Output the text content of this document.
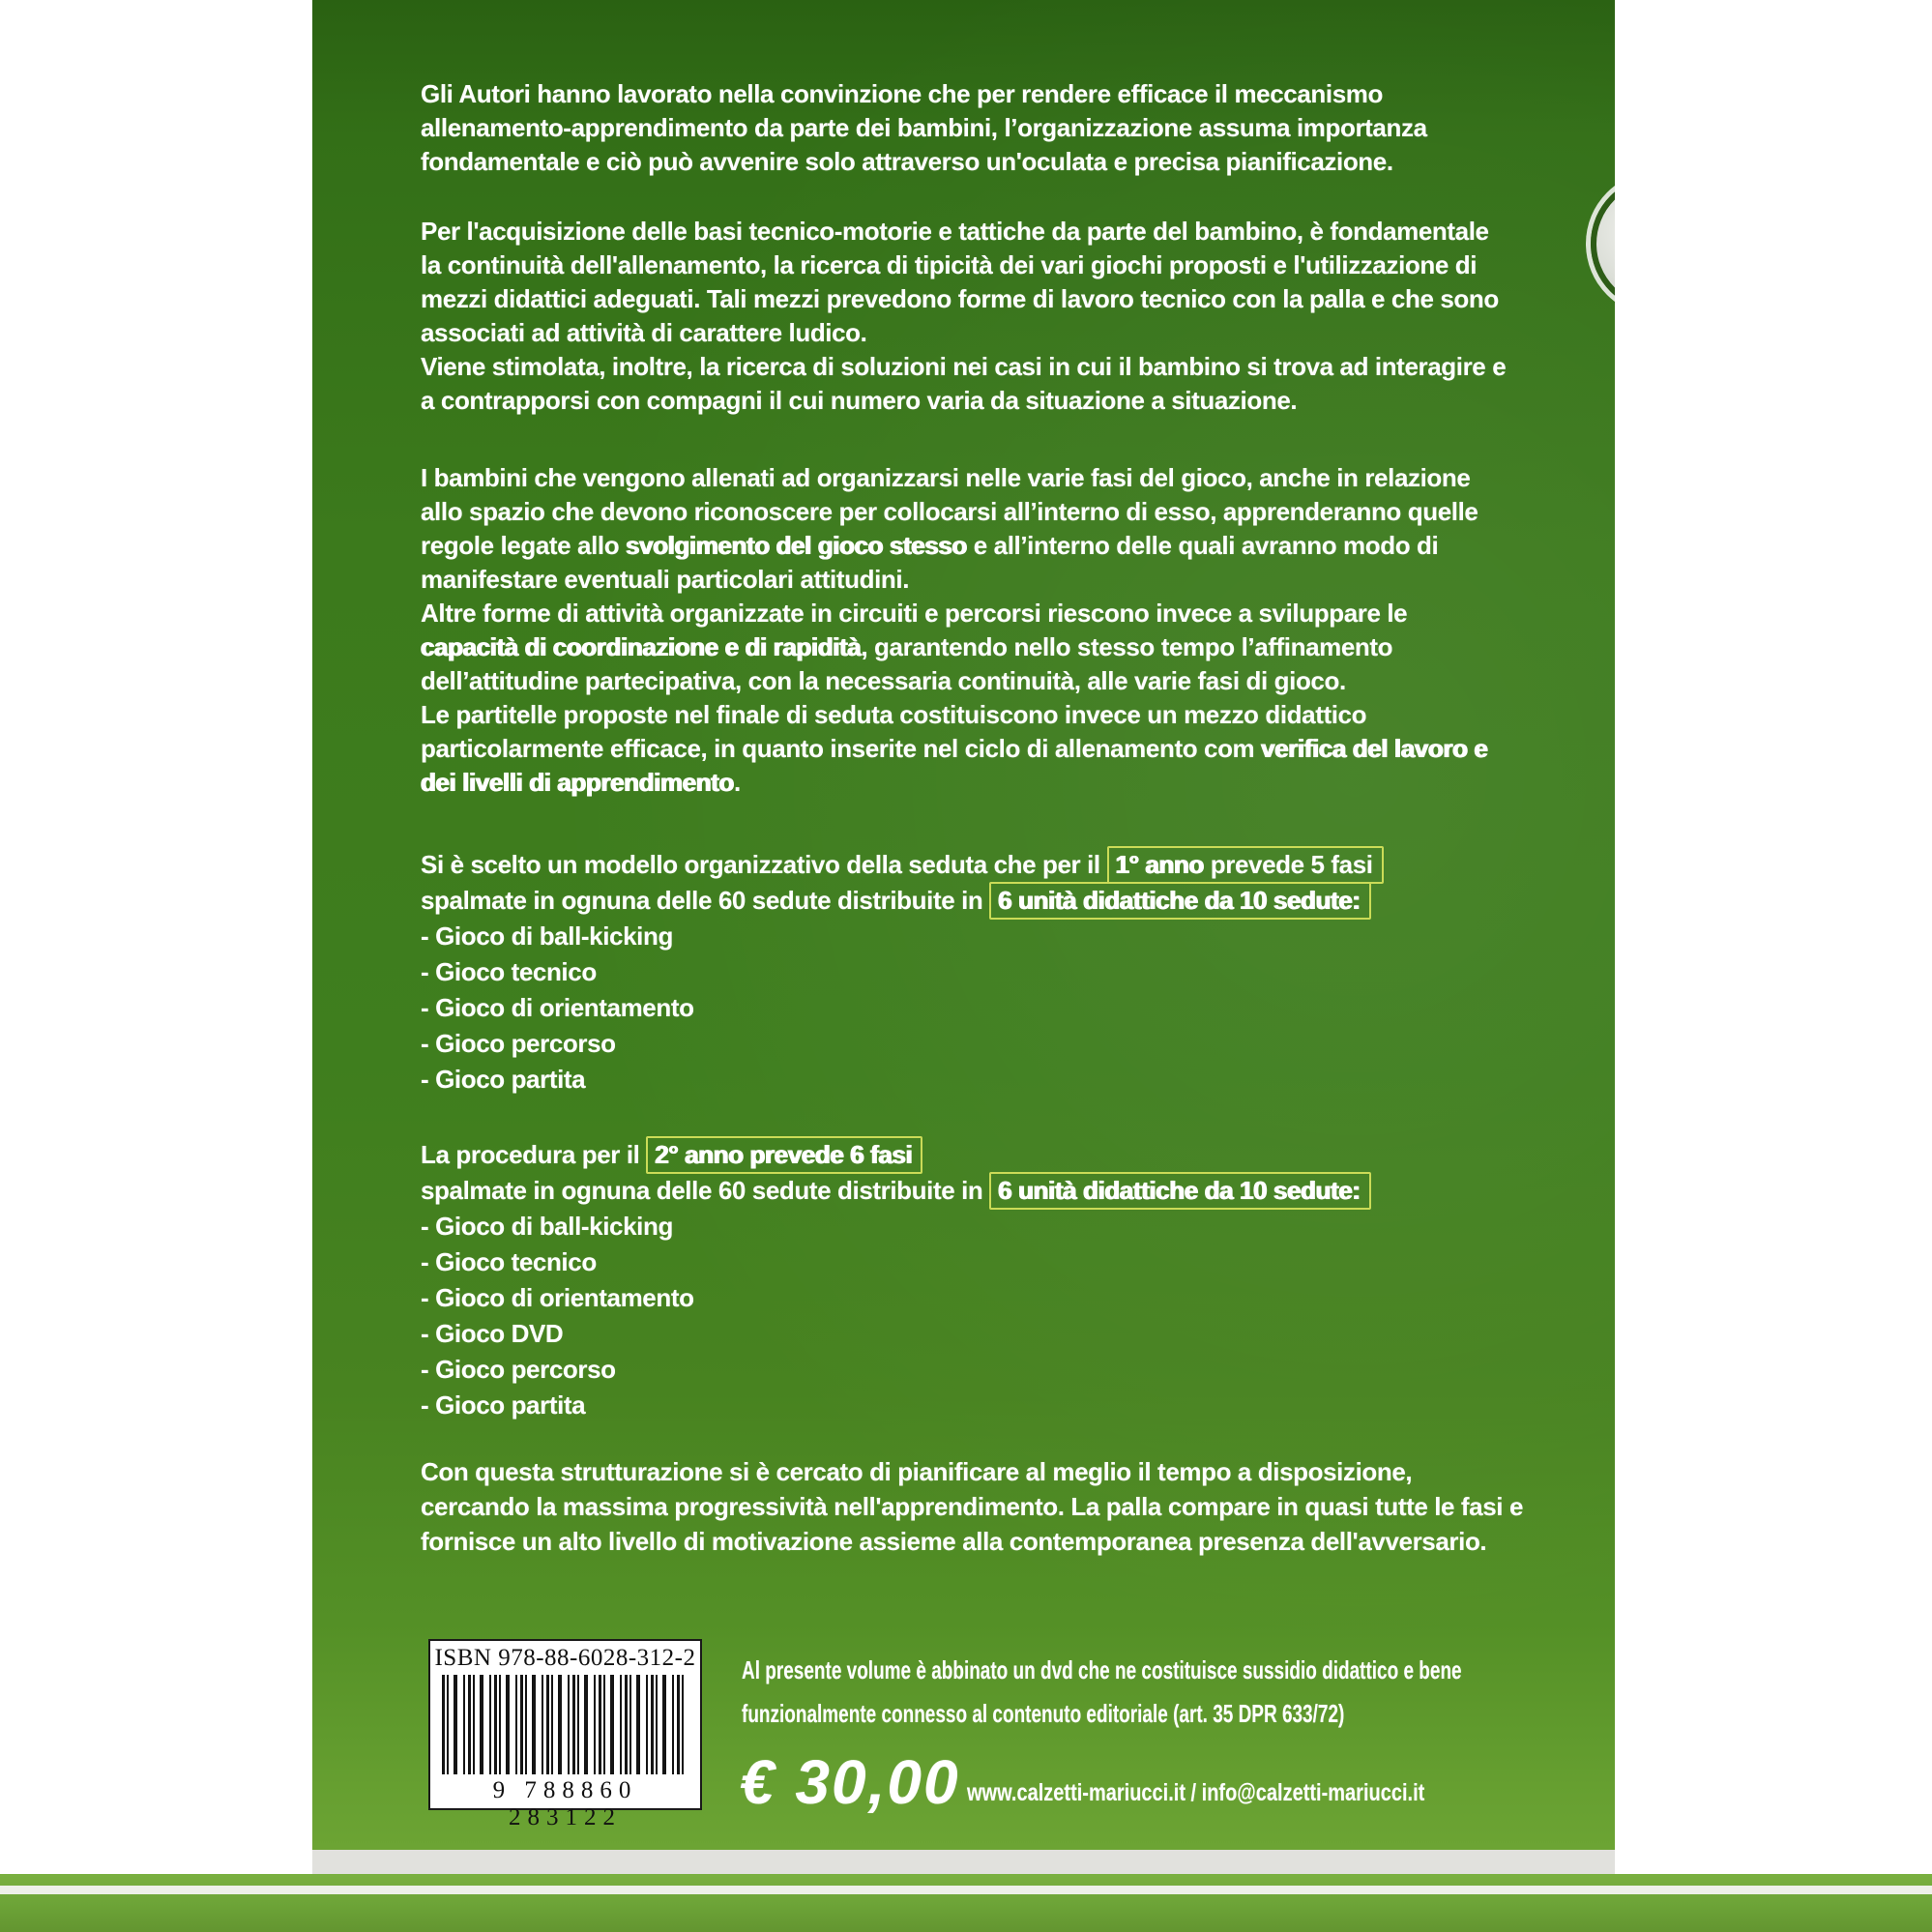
Gli Autori hanno lavorato nella convinzione che per rendere efficace il meccanismo
allenamento-apprendimento da parte dei bambini, l’organizzazione assuma importanza
fondamentale e ciò può avvenire solo attraverso un'oculata e precisa pianificazione.
Per l'acquisizione delle basi tecnico-motorie e tattiche da parte del bambino, è fondamentale
la continuità dell'allenamento, la ricerca di tipicità dei vari giochi proposti e l'utilizzazione di
mezzi didattici adeguati. Tali mezzi prevedono forme di lavoro tecnico con la palla e che sono
associati ad attività di carattere ludico.
Viene stimolata, inoltre, la ricerca di soluzioni nei casi in cui il bambino si trova ad interagire e
a contrapporsi con compagni il cui numero varia da situazione a situazione.
I bambini che vengono allenati ad organizzarsi nelle varie fasi del gioco, anche in relazione
allo spazio che devono riconoscere per collocarsi all’interno di esso, apprenderanno quelle
regole legate allo svolgimento del gioco stesso e all’interno delle quali avranno modo di
manifestare eventuali particolari attitudini.
Altre forme di attività organizzate in circuiti e percorsi riescono invece a sviluppare le
capacità di coordinazione e di rapidità, garantendo nello stesso tempo l’affinamento
dell’attitudine partecipativa, con la necessaria continuità, alle varie fasi di gioco.
Le partitelle proposte nel finale di seduta costituiscono invece un mezzo didattico
particolarmente efficace, in quanto inserite nel ciclo di allenamento com verifica del lavoro e
dei livelli di apprendimento.
Si è scelto un modello organizzativo della seduta che per il 1° anno prevede 5 fasi
spalmate in ognuna delle 60 sedute distribuite in 6 unità didattiche da 10 sedute:
- Gioco di ball-kicking
- Gioco tecnico
- Gioco di orientamento
- Gioco percorso
- Gioco partita
La procedura per il 2° anno prevede 6 fasi
spalmate in ognuna delle 60 sedute distribuite in 6 unità didattiche da 10 sedute:
- Gioco di ball-kicking
- Gioco tecnico
- Gioco di orientamento
- Gioco DVD
- Gioco percorso
- Gioco partita
Con questa strutturazione si è cercato di pianificare al meglio il tempo a disposizione,
cercando la massima progressività nell'apprendimento. La palla compare in quasi tutte le fasi e
fornisce un alto livello di motivazione assieme alla contemporanea presenza dell'avversario.
ISBN 978-88-6028-312-2
9 788860 283122
Al presente volume è abbinato un dvd che ne costituisce sussidio didattico e bene
funzionalmente connesso al contenuto editoriale (art. 35 DPR 633/72)
€ 30,00 www.calzetti-mariucci.it / info@calzetti-mariucci.it
